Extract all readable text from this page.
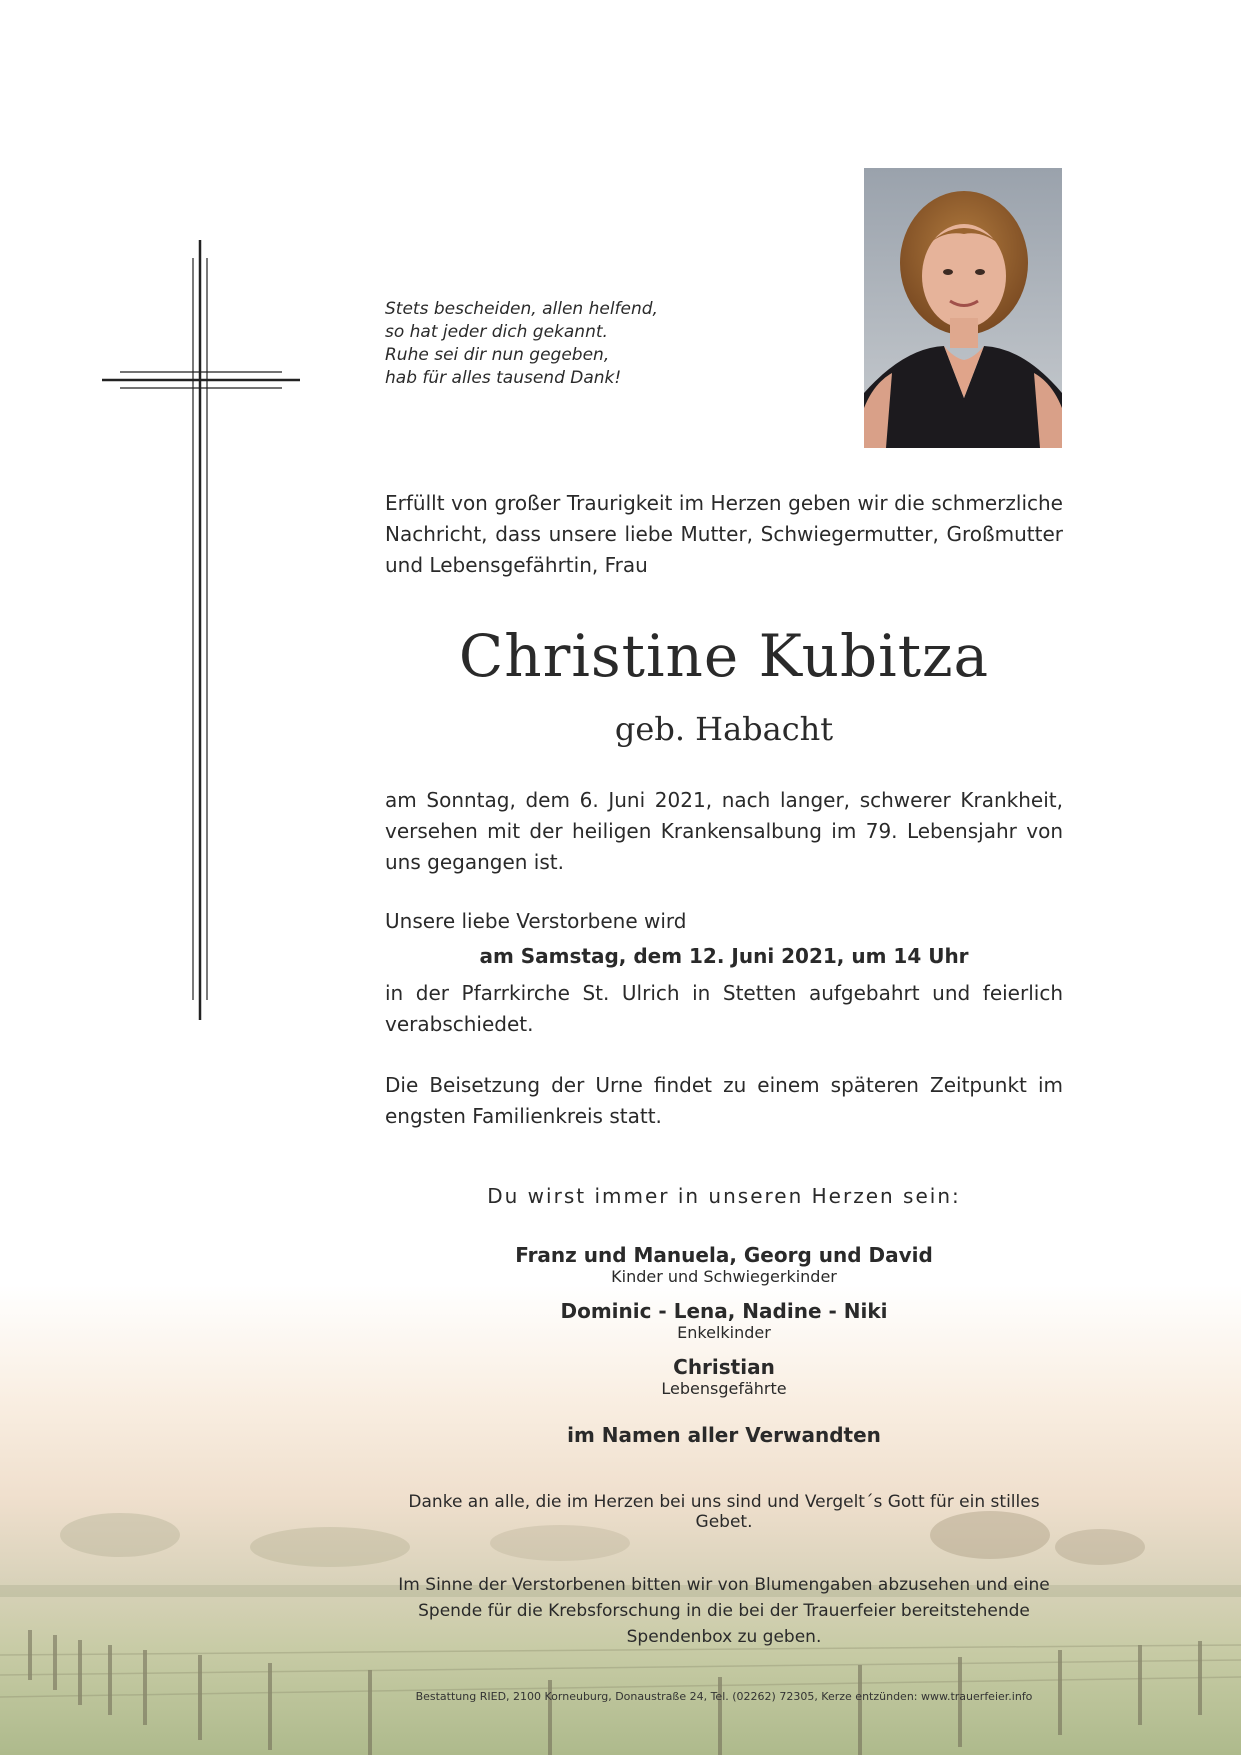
Stets bescheiden, allen helfend,
so hat jeder dich gekannt.
Ruhe sei dir nun gegeben,
hab für alles tausend Dank!
Erfüllt von großer Traurigkeit im Herzen geben wir die schmerzliche Nachricht, dass unsere liebe Mutter, Schwiegermutter, Großmutter und Lebensgefährtin, Frau
Christine Kubitza
geb. Habacht
am Sonntag, dem 6. Juni 2021, nach langer, schwerer Krankheit, versehen mit der heiligen Krankensalbung im 79. Lebensjahr von uns gegangen ist.
Unsere liebe Verstorbene wird
am Samstag, dem 12. Juni 2021, um 14 Uhr
in der Pfarrkirche St. Ulrich in Stetten aufgebahrt und feierlich verabschiedet.
Die Beisetzung der Urne findet zu einem späteren Zeitpunkt im engsten Familienkreis statt.
Du wirst immer in unseren Herzen sein:
Franz und Manuela, Georg und David
Kinder und Schwiegerkinder
Dominic - Lena, Nadine - Niki
Enkelkinder
Christian
Lebensgefährte
im Namen aller Verwandten
Danke an alle, die im Herzen bei uns sind und Vergelt´s Gott für ein stilles Gebet.
Im Sinne der Verstorbenen bitten wir von Blumengaben abzusehen und eine
Spende für die Krebsforschung in die bei der Trauerfeier bereitstehende
Spendenbox zu geben.
Bestattung RIED, 2100 Korneuburg, Donaustraße 24, Tel. (02262) 72305, Kerze entzünden: www.trauerfeier.info
